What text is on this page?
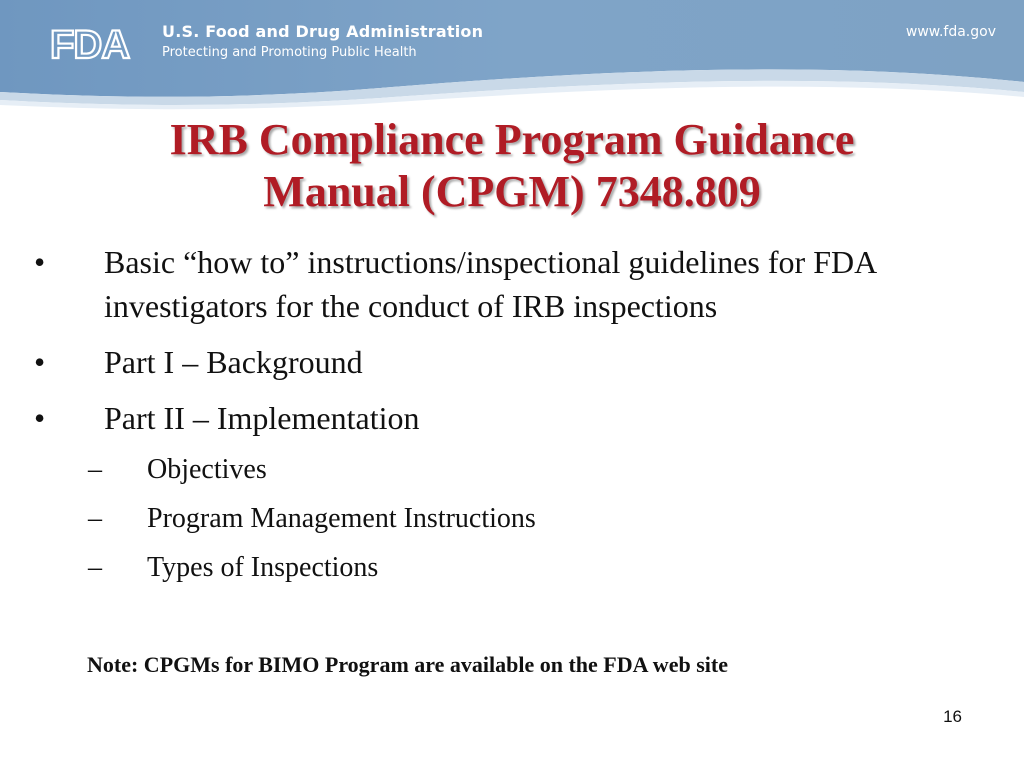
FDA U.S. Food and Drug Administration
Protecting and Promoting Public Health
www.fda.gov
IRB Compliance Program Guidance
Manual (CPGM) 7348.809
• Basic “how to” instructions/inspectional guidelines for FDA investigators for the conduct of IRB inspections
• Part I – Background
• Part II – Implementation
– Objectives
– Program Management Instructions
– Types of Inspections
Note: CPGMs for BIMO Program are available on the FDA web site
16
